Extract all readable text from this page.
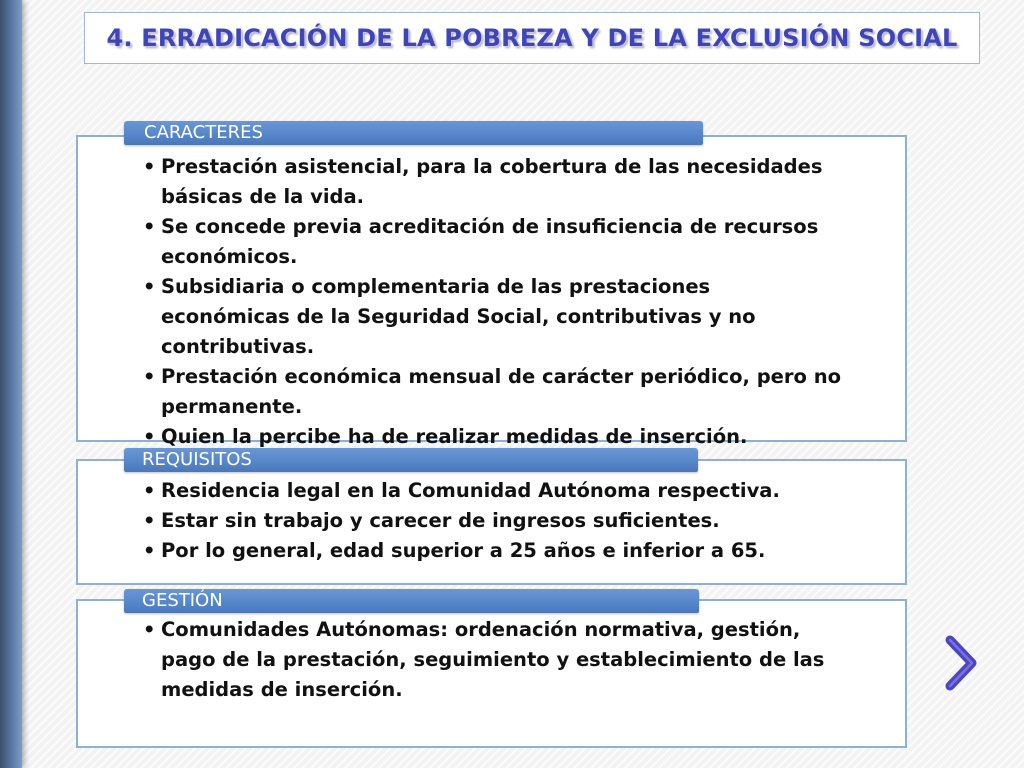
4. ERRADICACIÓN DE LA POBREZA Y DE LA EXCLUSIÓN SOCIAL
CARACTERES
• Prestación asistencial, para la cobertura de las necesidades básicas de la vida.
• Se concede previa acreditación de insuficiencia de recursos económicos.
• Subsidiaria o complementaria de las prestaciones económicas de la Seguridad Social, contributivas y no contributivas.
• Prestación económica mensual de carácter periódico, pero no permanente.
• Quien la percibe ha de realizar medidas de inserción.
REQUISITOS
• Residencia legal en la Comunidad Autónoma respectiva.
• Estar sin trabajo y carecer de ingresos suficientes.
• Por lo general, edad superior a 25 años e inferior a 65.
GESTIÓN
• Comunidades Autónomas: ordenación normativa, gestión, pago de la prestación, seguimiento y establecimiento de las medidas de inserción.
